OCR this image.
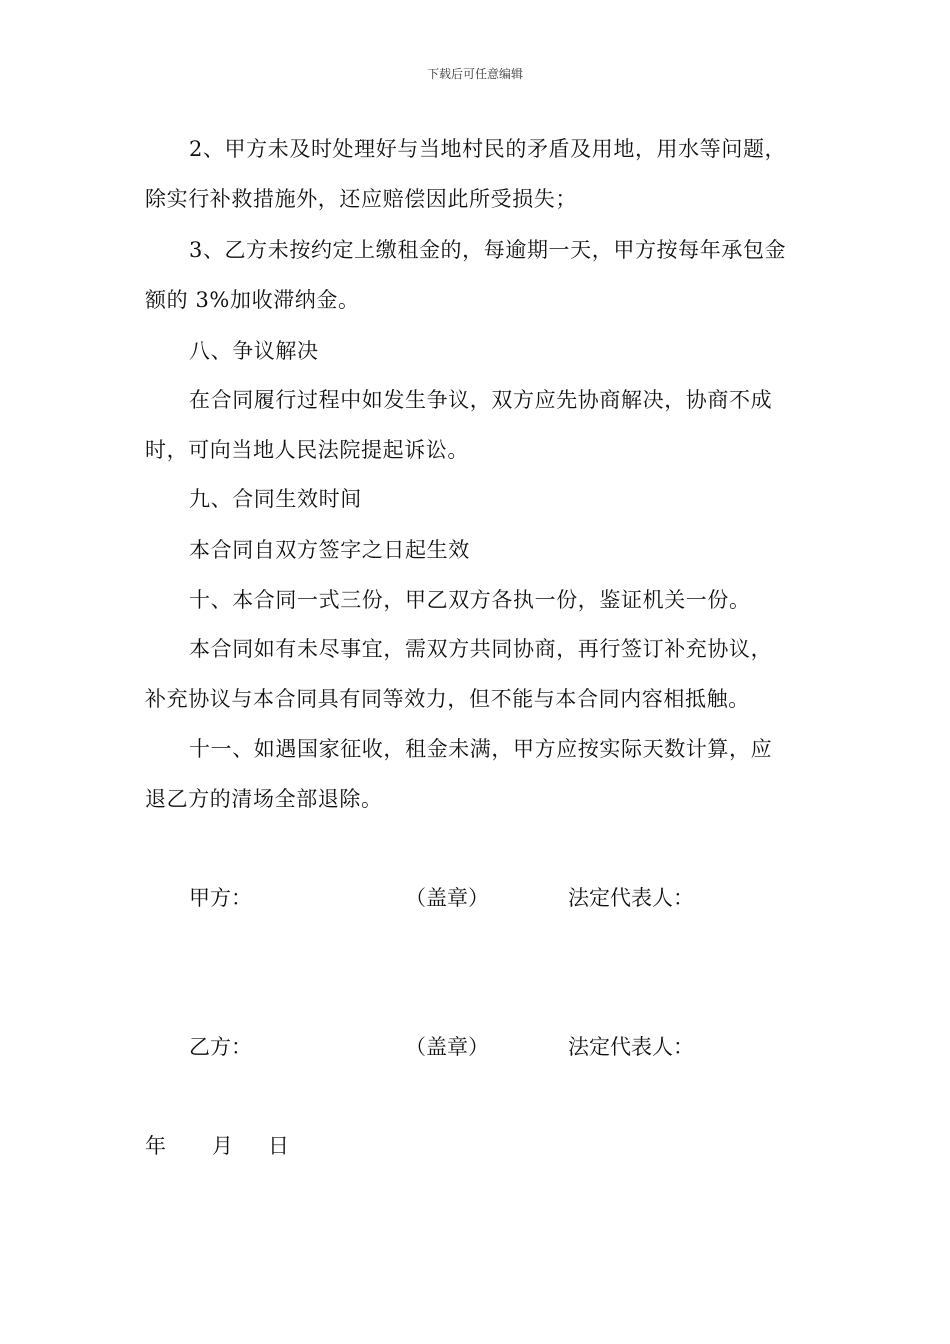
下载后可任意编辑
2、甲方未及时处理好与当地村民的矛盾及用地，用水等问题，
除实行补救措施外，还应赔偿因此所受损失；
3、乙方未按约定上缴租金的，每逾期一天，甲方按每年承包金
额的 3%加收滞纳金。
八、争议解决
在合同履行过程中如发生争议，双方应先协商解决，协商不成
时，可向当地人民法院提起诉讼。
九、合同生效时间
本合同自双方签字之日起生效
十、本合同一式三份，甲乙双方各执一份，鉴证机关一份。
本合同如有未尽事宜，需双方共同协商，再行签订补充协议，
补充协议与本合同具有同等效力，但不能与本合同内容相抵触。
十一、如遇国家征收，租金未满，甲方应按实际天数计算，应
退乙方的清场全部退除。
甲方：	（盖章）	法定代表人：
乙方：	（盖章）	法定代表人：
年 月 日
